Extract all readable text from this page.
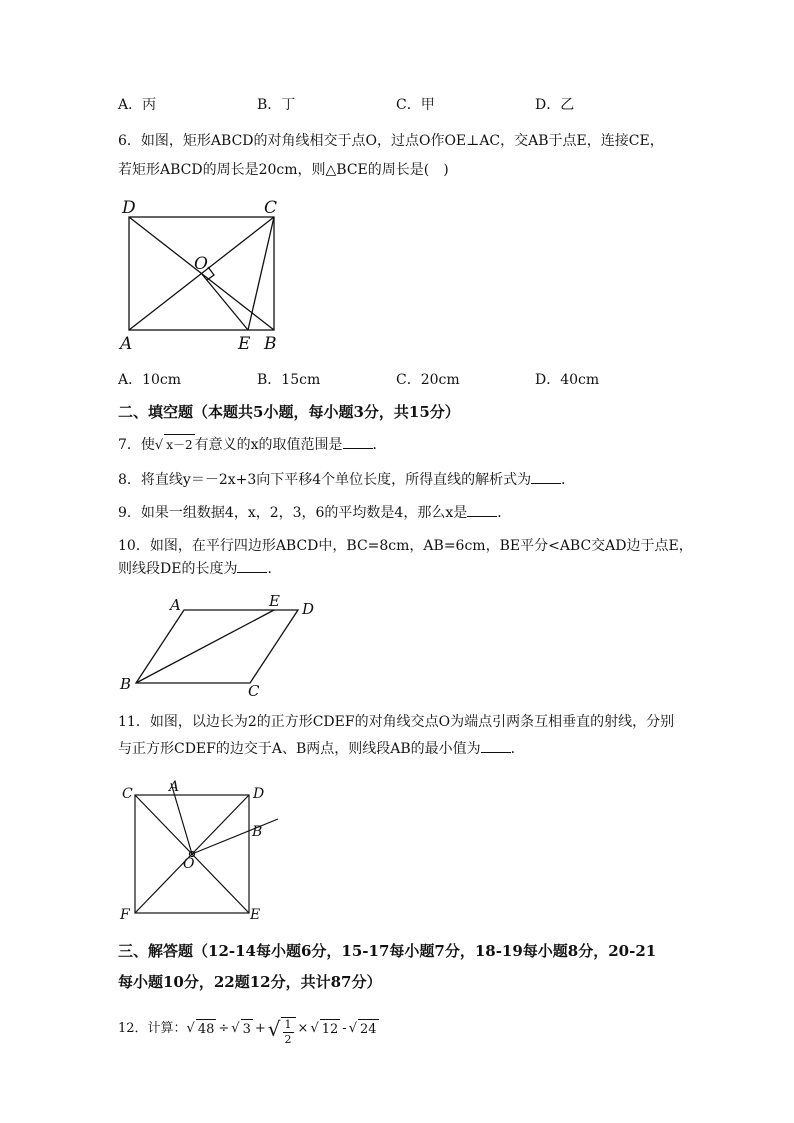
A．丙	B．丁	C．甲	D．乙
6．如图，矩形ABCD的对角线相交于点O，过点O作OE⊥AC，交AB于点E，连接CE，
若矩形ABCD的周长是20cm，则△BCE的周长是(　)
D	C
O
A	E B
A．10cm	B．15cm	C．20cm	D．40cm
二、填空题（本题共5小题，每小题3分，共15分）
7．使√ x－2 有意义的x的取值范围是 ．
8．将直线y＝－2x+3向下平移4个单位长度，所得直线的解析式为 ．
9．如果一组数据4，x，2，3，6的平均数是4，那么x是 ．
10．如图，在平行四边形ABCD中，BC=8cm，AB=6cm，BE平分<ABC交AD边于点E，
则线段DE的长度为 ．
A	E D
B	C
11．如图，以边长为2的正方形CDEF的对角线交点O为端点引两条互相垂直的射线，分别
与正方形CDEF的边交于A、B两点，则线段AB的最小值为 ．
C	A	D
B
O
F	E
三、解答题（12-14每小题6分，15-17每小题7分，18-19每小题8分，20-21
每小题10分，22题12分，共计87分）
12．计算： √ 48 ÷ √ 3 + √ $\frac{1}{2}$ × √ 12 - √ 24
